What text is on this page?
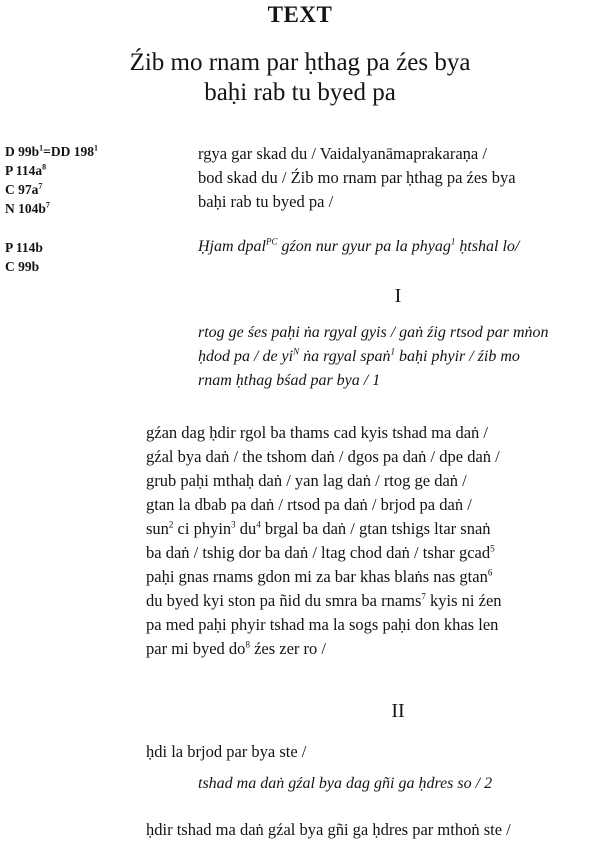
TEXT
Źib mo rnam par ḥthag pa źes bya
baḥi rab tu byed pa
D $99b^1=DD$ $198^1$
P $114a^8$
C $97a^7$
N $104b^7$
P 114b
C 99b
rgya gar skad du / Vaidalyanāmaprakaraṇa /
bod skad du / Źib mo rnam par ḥthag pa źes bya
baḥi rab tu byed pa /
Ḥjam dpal$^{PC}$ gźon nur gyur pa la phyag$^1$ ḥtshal lo/
I
rtog ge śes paḥi ṅa rgyal gyis / gaṅ źig rtsod par mṅon
ḥdod pa / de $yi^N$ ṅa rgyal spaṅ$^1$ baḥi phyir / źib mo
rnam ḥthag bśad par bya / 1
gźan dag ḥdir rgol ba thams cad kyis tshad ma daṅ /
gźal bya daṅ / the tshom daṅ / dgos pa daṅ / dpe daṅ /
grub paḥi mthaḥ daṅ / yan lag daṅ / rtog ge daṅ /
gtan la dbab pa daṅ / rtsod pa daṅ / brjod pa daṅ /
sun$^2$ ci phyin$^3$ $du^4$ brgal ba daṅ / gtan tshigs ltar snaṅ
ba daṅ / tshig dor ba daṅ / ltag chod daṅ / tshar gcad$^5$
paḥi gnas rnams gdon mi za bar khas blaṅs nas gtan$^6$
du byed kyi ston pa ñid du smra ba rnams$^7$ kyis ni źen
pa med paḥi phyir tshad ma la sogs paḥi don khas len
par mi byed $do^8$ źes zer ro /
II
ḥdi la brjod par bya ste /
tshad ma daṅ gźal bya dag gñi ga ḥdres so / 2
ḥdir tshad ma daṅ gźal bya gñi ga ḥdres par mthoṅ ste /
